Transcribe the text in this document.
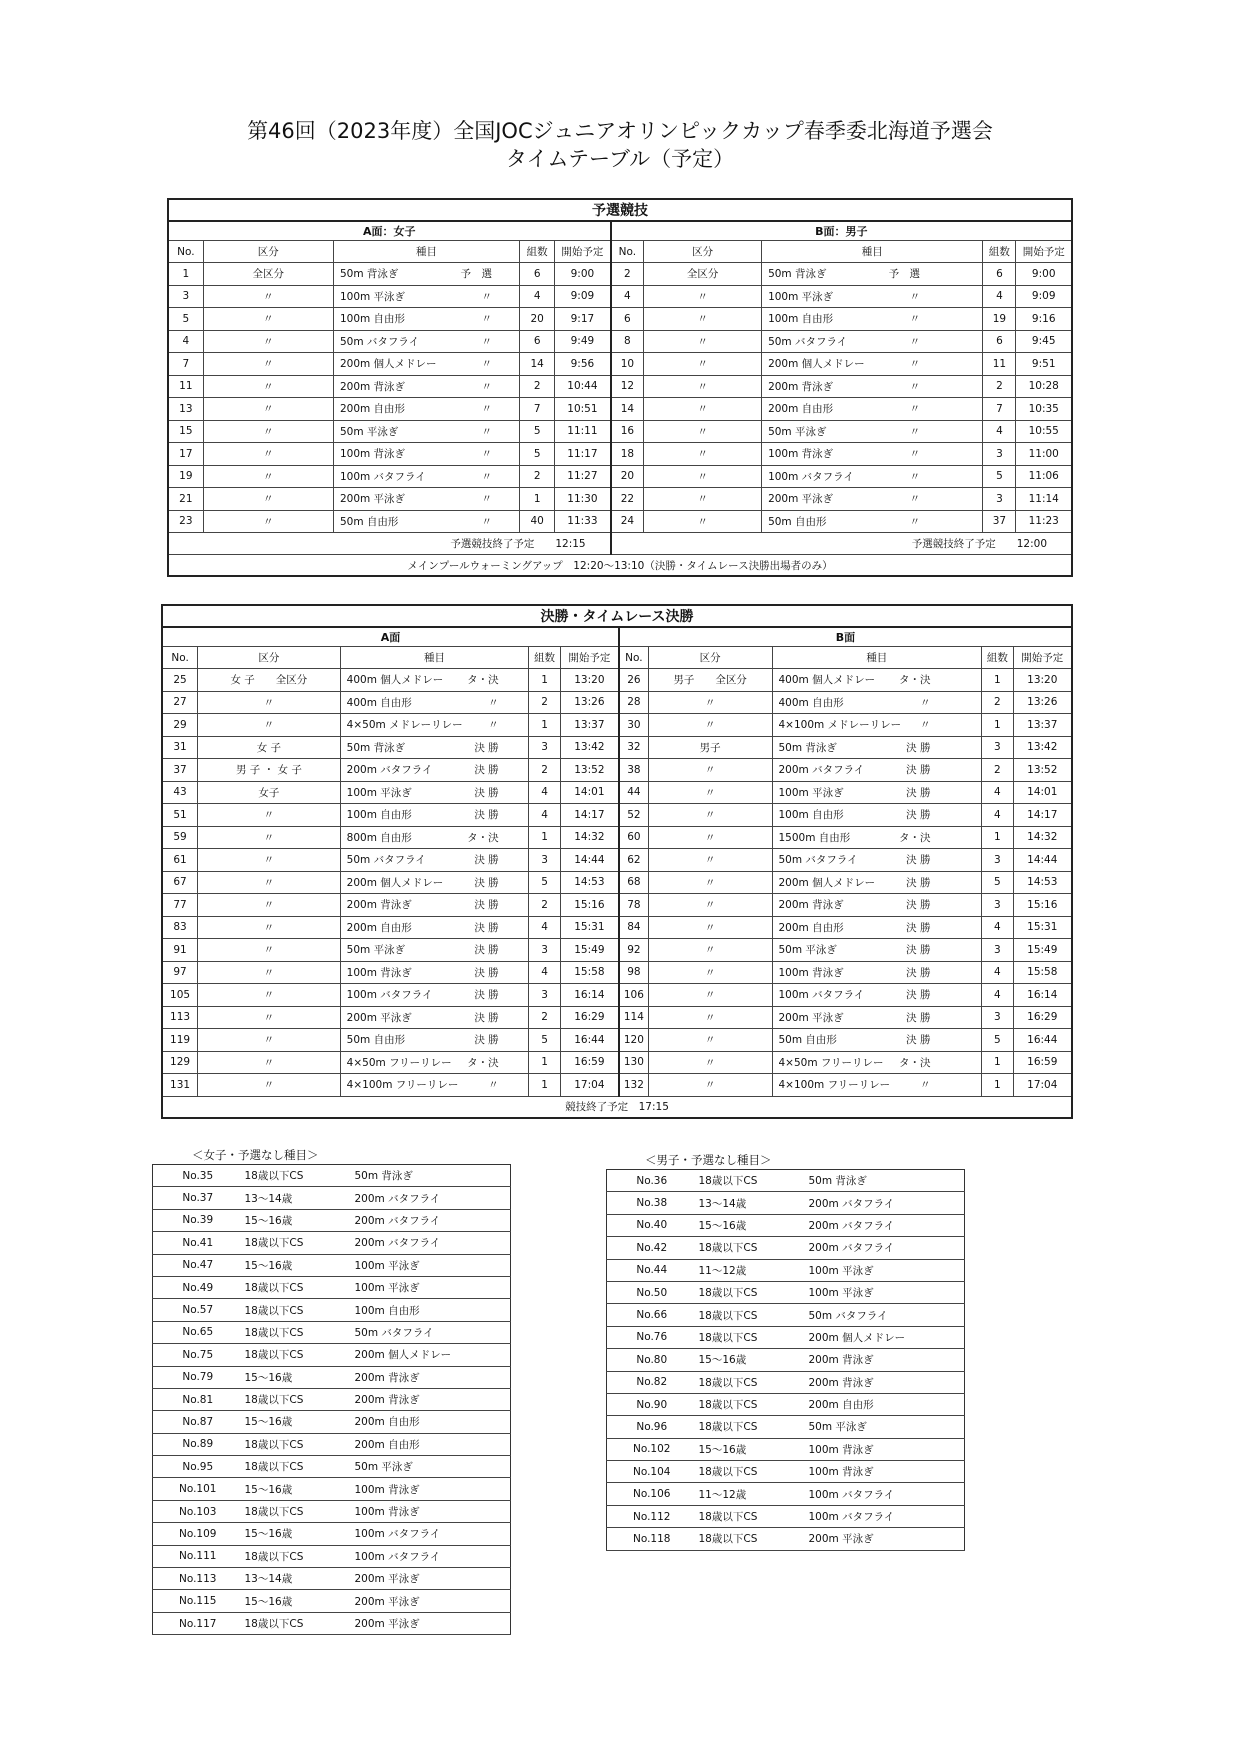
第46回（2023年度）全国JOCジュニアオリンピックカップ春季委北海道予選会
タイムテーブル（予定）
予選競技									
A面：女子					B面：男子				
No.	区分	種目	組数	開始予定	No.	区分	種目	組数	開始予定
1	全区分	50m 背泳ぎ 予　選	6	9:00	2	全区分	50m 背泳ぎ 予　選	6	9:00
3	〃	100m 平泳ぎ 〃	4	9:09	4	〃	100m 平泳ぎ 〃	4	9:09
5	〃	100m 自由形 〃	20	9:17	6	〃	100m 自由形 〃	19	9:16
4	〃	50m バタフライ 〃	6	9:49	8	〃	50m バタフライ 〃	6	9:45
7	〃	200m 個人メドレー 〃	14	9:56	10	〃	200m 個人メドレー 〃	11	9:51
11	〃	200m 背泳ぎ 〃	2	10:44	12	〃	200m 背泳ぎ 〃	2	10:28
13	〃	200m 自由形 〃	7	10:51	14	〃	200m 自由形 〃	7	10:35
15	〃	50m 平泳ぎ 〃	5	11:11	16	〃	50m 平泳ぎ 〃	4	10:55
17	〃	100m 背泳ぎ 〃	5	11:17	18	〃	100m 背泳ぎ 〃	3	11:00
19	〃	100m バタフライ 〃	2	11:27	20	〃	100m バタフライ 〃	5	11:06
21	〃	200m 平泳ぎ 〃	1	11:30	22	〃	200m 平泳ぎ 〃	3	11:14
23	〃	50m 自由形 〃	40	11:33	24	〃	50m 自由形 〃	37	11:23
予選競技終了予定　　12:15					予選競技終了予定　　12:00				
メインプールウォーミングアップ　12:20～13:10（決勝・タイムレース決勝出場者のみ）									
決勝・タイムレース決勝									
A面					B面				
No.	区分	種目	組数	開始予定	No.	区分	種目	組数	開始予定
25	女 子　　全区分	400m 個人メドレー タ・決	1	13:20	26	男子　　全区分	400m 個人メドレー タ・決	1	13:20
27	〃	400m 自由形 〃	2	13:26	28	〃	400m 自由形 〃	2	13:26
29	〃	4×50m メドレーリレー 〃	1	13:37	30	〃	4×100m メドレーリレー 〃	1	13:37
31	女 子	50m 背泳ぎ 決 勝	3	13:42	32	男子	50m 背泳ぎ 決 勝	3	13:42
37	男 子 ・ 女 子	200m バタフライ 決 勝	2	13:52	38	〃	200m バタフライ 決 勝	2	13:52
43	女子	100m 平泳ぎ 決 勝	4	14:01	44	〃	100m 平泳ぎ 決 勝	4	14:01
51	〃	100m 自由形 決 勝	4	14:17	52	〃	100m 自由形 決 勝	4	14:17
59	〃	800m 自由形 タ・決	1	14:32	60	〃	1500m 自由形 タ・決	1	14:32
61	〃	50m バタフライ 決 勝	3	14:44	62	〃	50m バタフライ 決 勝	3	14:44
67	〃	200m 個人メドレー 決 勝	5	14:53	68	〃	200m 個人メドレー 決 勝	5	14:53
77	〃	200m 背泳ぎ 決 勝	2	15:16	78	〃	200m 背泳ぎ 決 勝	3	15:16
83	〃	200m 自由形 決 勝	4	15:31	84	〃	200m 自由形 決 勝	4	15:31
91	〃	50m 平泳ぎ 決 勝	3	15:49	92	〃	50m 平泳ぎ 決 勝	3	15:49
97	〃	100m 背泳ぎ 決 勝	4	15:58	98	〃	100m 背泳ぎ 決 勝	4	15:58
105	〃	100m バタフライ 決 勝	3	16:14	106	〃	100m バタフライ 決 勝	4	16:14
113	〃	200m 平泳ぎ 決 勝	2	16:29	114	〃	200m 平泳ぎ 決 勝	3	16:29
119	〃	50m 自由形 決 勝	5	16:44	120	〃	50m 自由形 決 勝	5	16:44
129	〃	4×50m フリーリレー タ・決	1	16:59	130	〃	4×50m フリーリレー タ・決	1	16:59
131	〃	4×100m フリーリレー 〃	1	17:04	132	〃	4×100m フリーリレー 〃	1	17:04
競技終了予定　17:15									
＜女子・予選なし種目＞
No.35	18歳以下CS	50m 背泳ぎ
No.37	13～14歳	200m バタフライ
No.39	15～16歳	200m バタフライ
No.41	18歳以下CS	200m バタフライ
No.47	15～16歳	100m 平泳ぎ
No.49	18歳以下CS	100m 平泳ぎ
No.57	18歳以下CS	100m 自由形
No.65	18歳以下CS	50m バタフライ
No.75	18歳以下CS	200m 個人メドレー
No.79	15～16歳	200m 背泳ぎ
No.81	18歳以下CS	200m 背泳ぎ
No.87	15～16歳	200m 自由形
No.89	18歳以下CS	200m 自由形
No.95	18歳以下CS	50m 平泳ぎ
No.101	15～16歳	100m 背泳ぎ
No.103	18歳以下CS	100m 背泳ぎ
No.109	15～16歳	100m バタフライ
No.111	18歳以下CS	100m バタフライ
No.113	13～14歳	200m 平泳ぎ
No.115	15～16歳	200m 平泳ぎ
No.117	18歳以下CS	200m 平泳ぎ
＜男子・予選なし種目＞
No.36	18歳以下CS	50m 背泳ぎ
No.38	13～14歳	200m バタフライ
No.40	15～16歳	200m バタフライ
No.42	18歳以下CS	200m バタフライ
No.44	11～12歳	100m 平泳ぎ
No.50	18歳以下CS	100m 平泳ぎ
No.66	18歳以下CS	50m バタフライ
No.76	18歳以下CS	200m 個人メドレー
No.80	15～16歳	200m 背泳ぎ
No.82	18歳以下CS	200m 背泳ぎ
No.90	18歳以下CS	200m 自由形
No.96	18歳以下CS	50m 平泳ぎ
No.102	15～16歳	100m 背泳ぎ
No.104	18歳以下CS	100m 背泳ぎ
No.106	11～12歳	100m バタフライ
No.112	18歳以下CS	100m バタフライ
No.118	18歳以下CS	200m 平泳ぎ
